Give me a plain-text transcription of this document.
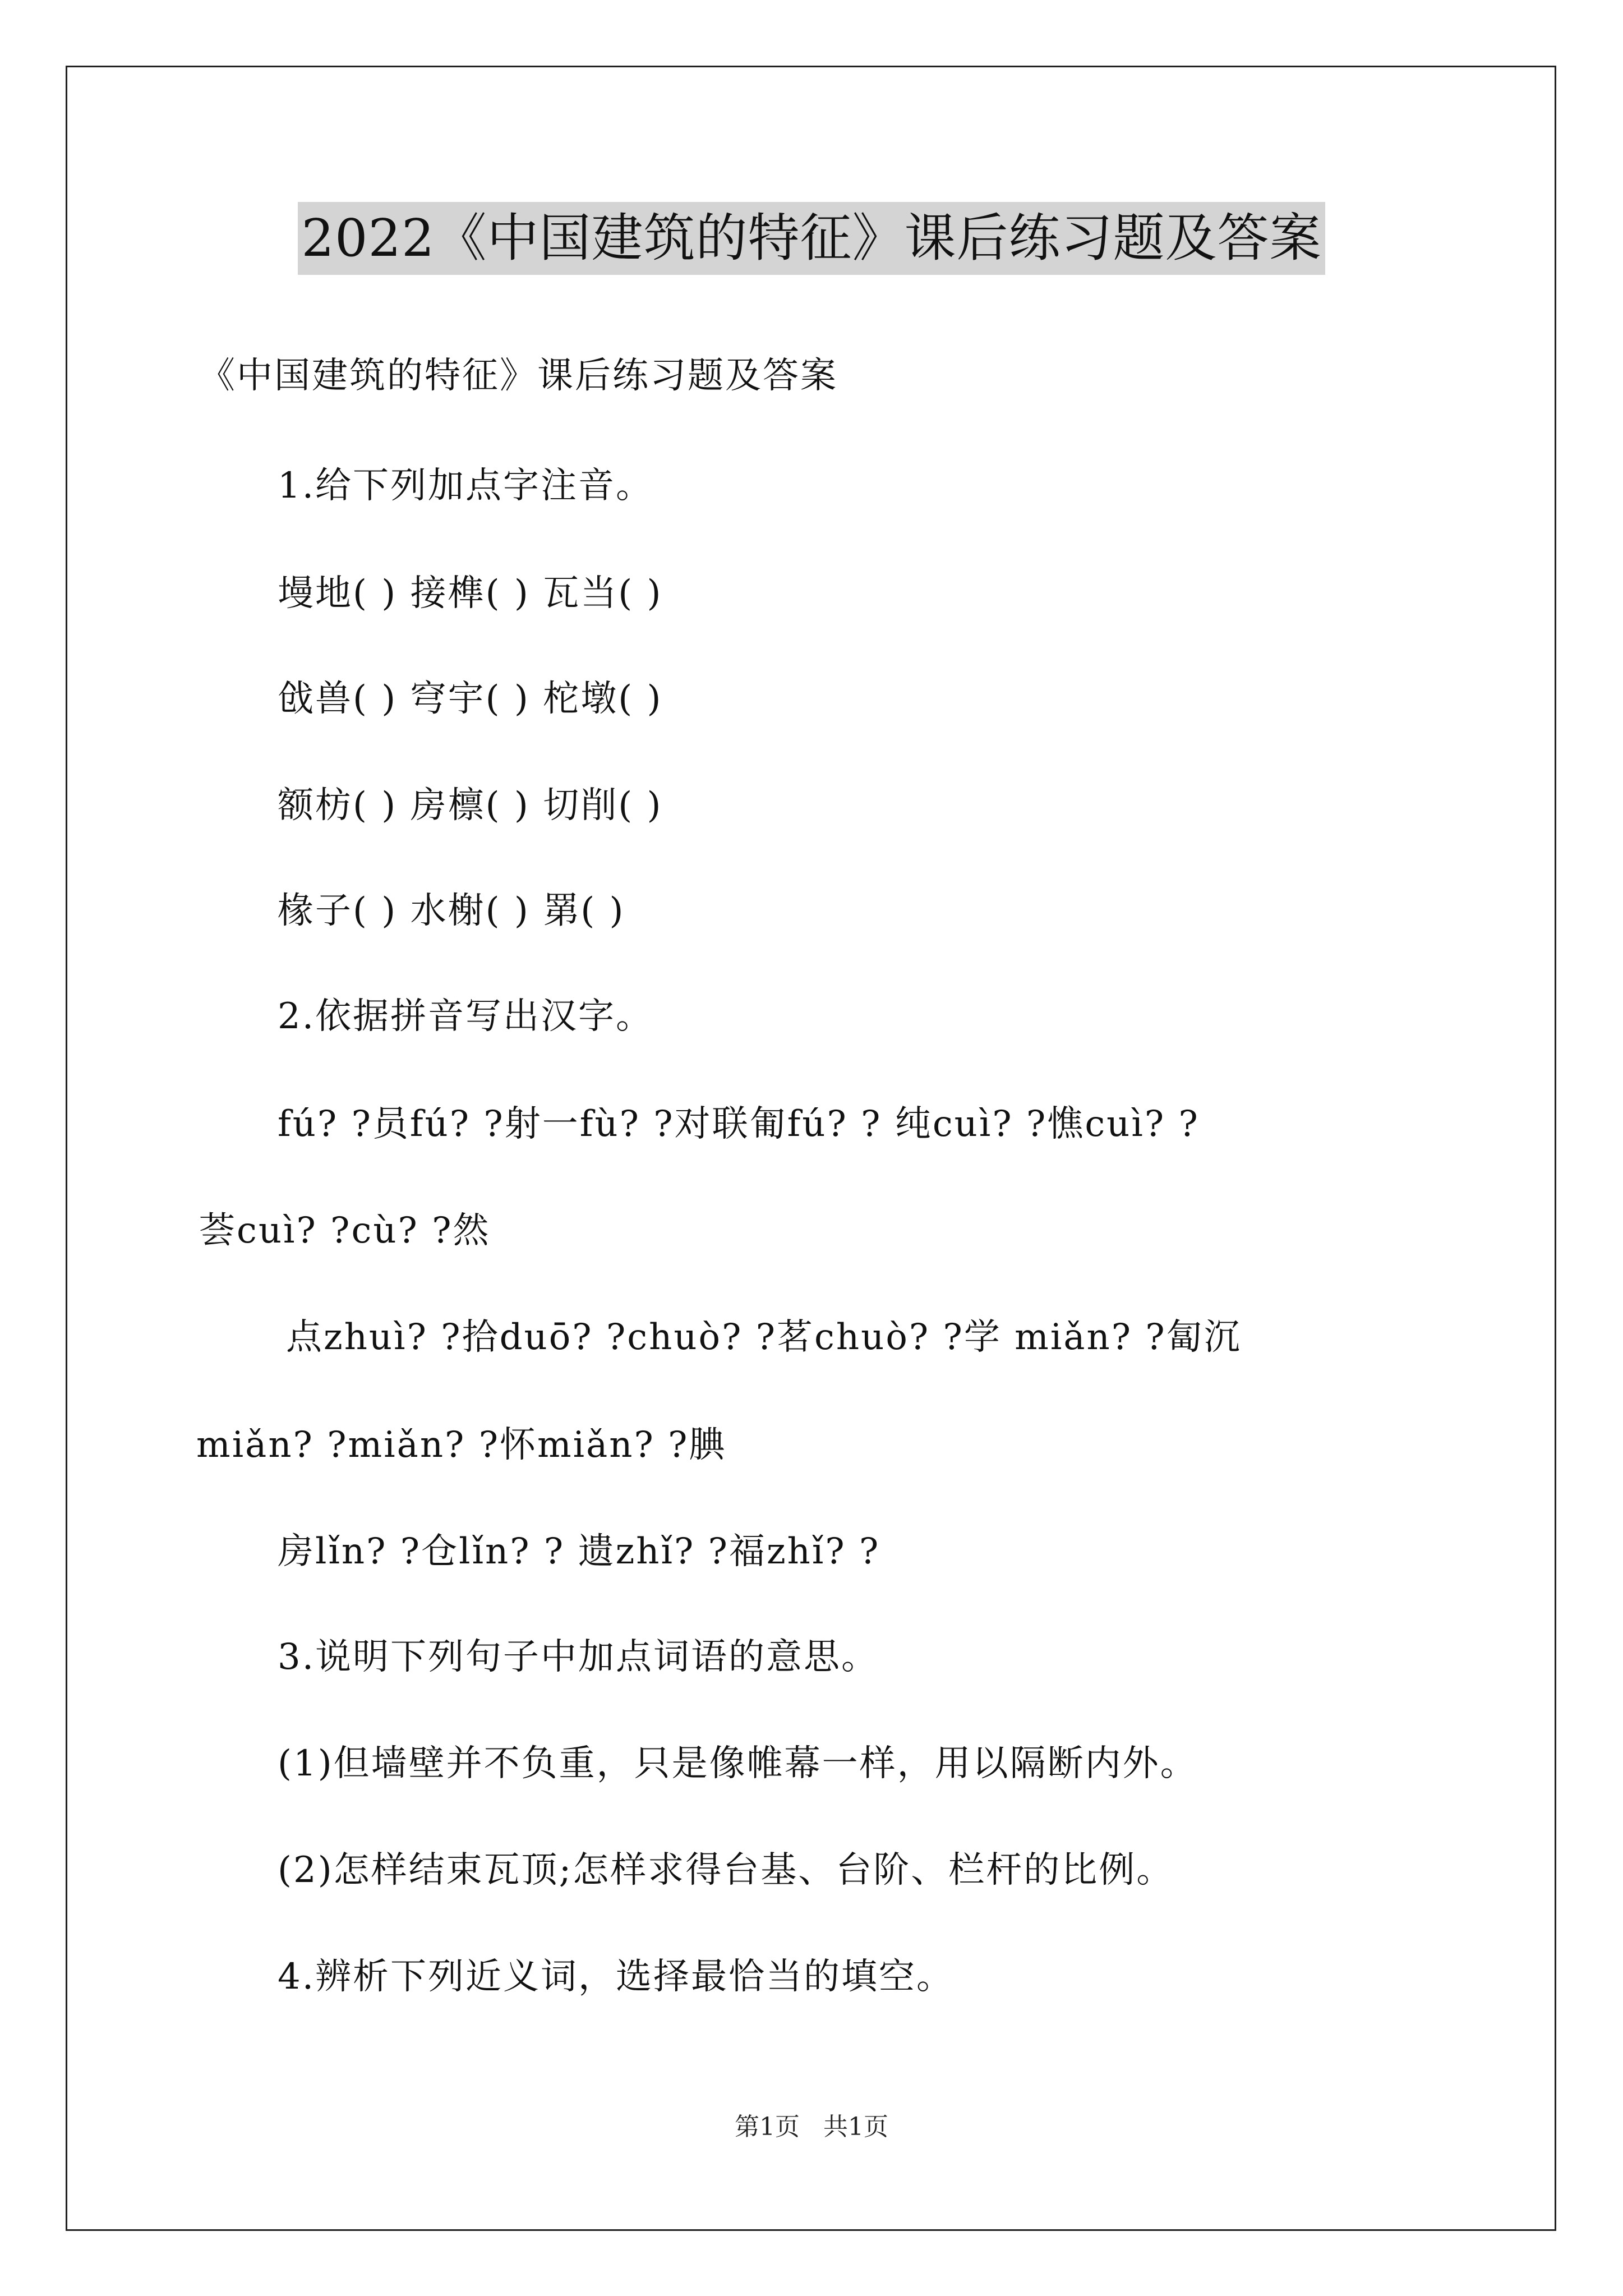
2022《中国建筑的特征》课后练习题及答案
《中国建筑的特征》课后练习题及答案
1.给下列加点字注音。
墁地( ) 接榫( ) 瓦当( )
戗兽( ) 穹宇( ) 柁墩( )
额枋( ) 房檩( ) 切削( )
椽子( ) 水榭( ) 罤( )
2.依据拼音写出汉字。
fú? ?员fú? ?射一fù? ?对联匍fú? ? 纯cuì? ?憔cuì? ?
荟cuì? ?cù? ?然
点zhuì? ?拾duō? ?chuò? ?茗chuò? ?学 miǎn? ?匐沉
miǎn? ?miǎn? ?怀miǎn? ?腆
房lǐn? ?仓lǐn? ? 遗zhǐ? ?福zhǐ? ?
3.说明下列句子中加点词语的意思。
(1)但墙壁并不负重，只是像帷幕一样，用以隔断内外。
(2)怎样结束瓦顶;怎样求得台基、台阶、栏杆的比例。
4.辨析下列近义词，选择最恰当的填空。
第1页   共1页
